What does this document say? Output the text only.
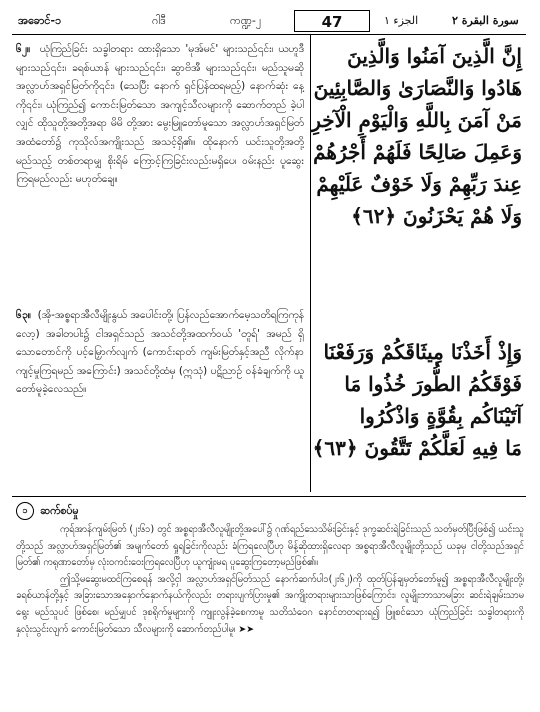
အခောင်-၁	ဂါဒီ	ကဏ္ဍ-၂	47	الجزء ١	سورة البقرة ٢

၆၂။ ယုံကြည်ခြင်း သခ္ခါတရား ထားရှိသော 'မုအ်မင်' များသည်၎င်း၊ ယဟူဒီ များသည်၎င်း၊ ခရစ်ယာန် များသည်၎င်း၊ ဆွာဗိအီ များသည်၎င်း၊ မည်သူမဆို အလ္လာဟ်အရှင်မြတ်ကို၎င်း၊ (သေပြီး နောက် ရှင်ပြန်ထရမည့်) နောက်ဆုံး နေ့ကို၎င်း၊ ယုံကြည်၍ ကောင်းမြတ်သော အကျင့်သီလများကို ဆောက်တည် ခဲ့ပါလျှင် ထိုသူတို့အတို့အရာ မိမိ တို့အား မွေးမြူတော်မူသော အလ္လာဟ်အရှင်မြတ် အထံတော်၌ ကုသိုလ်အကျိုးသည် အသင့်ရှိ၏။ ထိုနောက် ယင်းသူတို့အတို့ မည်သည့် တစ်တရာမျှ စိုးရိမ် ကြောင့်ကြခြင်းလည်းမရှိပေ၊ ဝမ်းနည်း ပူဆွေး ကြရမည်လည်း မဟုတ်ချေ။

၆၃။ (အို-အစ္စရာအီလီမျိုးနွယ် အပေါင်းတို့၊ ပြန်လည်အောက်မေ့သတိရကြကုန်လော့) အခါတပါး၌ ငါအရှင်သည် အသင်တို့အထက်ဝယ် 'တူရ်' အမည် ရှိသောတောင်ကို ပင့်မြှောက်လျက် (ကောင်းရာတ် ကျမ်းမြတ်နှင့်အညီ လိုက်နာကျင့်မှုကြရမည် အကြောင်း) အသင်တို့ထံမှ (ဣသုံ) ပဋိညာဉ် ဝန်ခံချက်ကို ယူတော်မူခဲ့လေသည်။

إِنَّ الَّذِينَ آمَنُوا وَالَّذِينَ
هَادُوا وَالنَّصَارَىٰ وَالصَّابِئِينَ
مَنْ آمَنَ بِاللَّهِ وَالْيَوْمِ الْآخِرِ
وَعَمِلَ صَالِحًا فَلَهُمْ أَجْرُهُمْ
عِندَ رَبِّهِمْ وَلَا خَوْفٌ عَلَيْهِمْ
وَلَا هُمْ يَحْزَنُونَ ﴿٦٢﴾
وَإِذْ أَخَذْنَا مِيثَاقَكُمْ وَرَفَعْنَا
فَوْقَكُمُ الطُّورَ خُذُوا مَا
آتَيْنَاكُم بِقُوَّةٍ وَاذْكُرُوا
مَا فِيهِ لَعَلَّكُمْ تَتَّقُونَ ﴿٦٣﴾
၁	ဆက်စပ်မှု

ကုရ်အာန်ကျမ်းမြတ် (၂း၆၁) တွင် အစ္စရာအီလီလူမျိုးတို့အပေါ်၌ ဂုဏ်ရည်သေသိမ်းခြင်းနှင့် ဒုက္ခဆင်းရဲခြင်းသည် သတ်မှတ်ပြီးဖြစ်၍ ယင်းသူတို့သည် အလ္လာဟ်အရှင်မြတ်၏ အမျက်တော် ရှုရခြင်းကိုလည်း ခံကြရလေပြီဟု မိန့်ဆိုထားရှိလေရာ အစ္စရာအီလီလူမျိုးတို့သည် ယခုမှ ငါတို့သည်အရှင်မြတ်၏ ကရုဏာတော်မှ လုံးဝကင်းဝေးကြရလေပြီဟု ယူကျုံးမရ ပူဆွေးကြတော့မည်ဖြစ်၏။

ဤသို့မဆွေးမထင်ကြစေရန် အလို့ငှါ အလ္လာဟ်အရှင်မြတ်သည် နောက်ဆက်ပါ၁(၂း၆၂)ကို ထုတ်ပြန်ချမှတ်တော်မူ၍ အစ္စရာအီလီလူမျိုးတို့၊ ခရစ်ယာန်တို့နှင့် အခြားသောအနှောက်နှောက်နယ်ကိုလည်း တရားပျက်ပြားမှု၏ အကျိုးတရားများသာဖြစ်ကြောင်း၊ လူမျိုးဘာသာမခြား ဆင်းရဲချမ်းသာမရွေး မည်သူပင် ဖြစ်စေ၊ မည်မျှပင် ဒုစရိုက်မှုများကို ကျူးလွန်ခဲ့စေကာမူ သတိသံဝေဂ နောင်တတရားရ၍ ဖြူစင်သော ယုံကြည်ခြင်း သခ္ခါတရားကို နှလုံးသွင်းလျက် ကောင်းမြတ်သော သီလများကို ဆောက်တည်ပါမူ၊ ➤➤
